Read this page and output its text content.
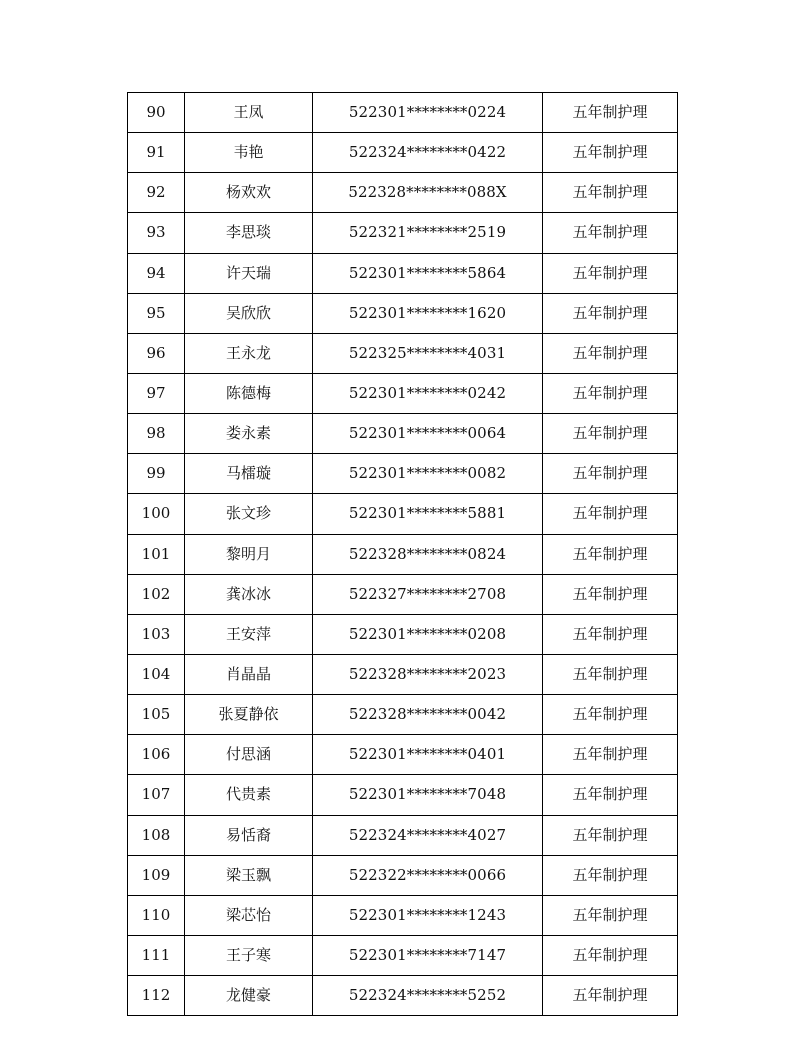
90	王凤	522301********0224	五年制护理
91	韦艳	522324********0422	五年制护理
92	杨欢欢	522328********088X	五年制护理
93	李思琰	522321********2519	五年制护理
94	许天瑞	522301********5864	五年制护理
95	吴欣欣	522301********1620	五年制护理
96	王永龙	522325********4031	五年制护理
97	陈德梅	522301********0242	五年制护理
98	娄永素	522301********0064	五年制护理
99	马檑璇	522301********0082	五年制护理
100	张文珍	522301********5881	五年制护理
101	黎明月	522328********0824	五年制护理
102	龚冰冰	522327********2708	五年制护理
103	王安萍	522301********0208	五年制护理
104	肖晶晶	522328********2023	五年制护理
105	张夏静依	522328********0042	五年制护理
106	付思涵	522301********0401	五年制护理
107	代贵素	522301********7048	五年制护理
108	易恬裔	522324********4027	五年制护理
109	梁玉飘	522322********0066	五年制护理
110	梁芯怡	522301********1243	五年制护理
111	王子寒	522301********7147	五年制护理
112	龙健豪	522324********5252	五年制护理
